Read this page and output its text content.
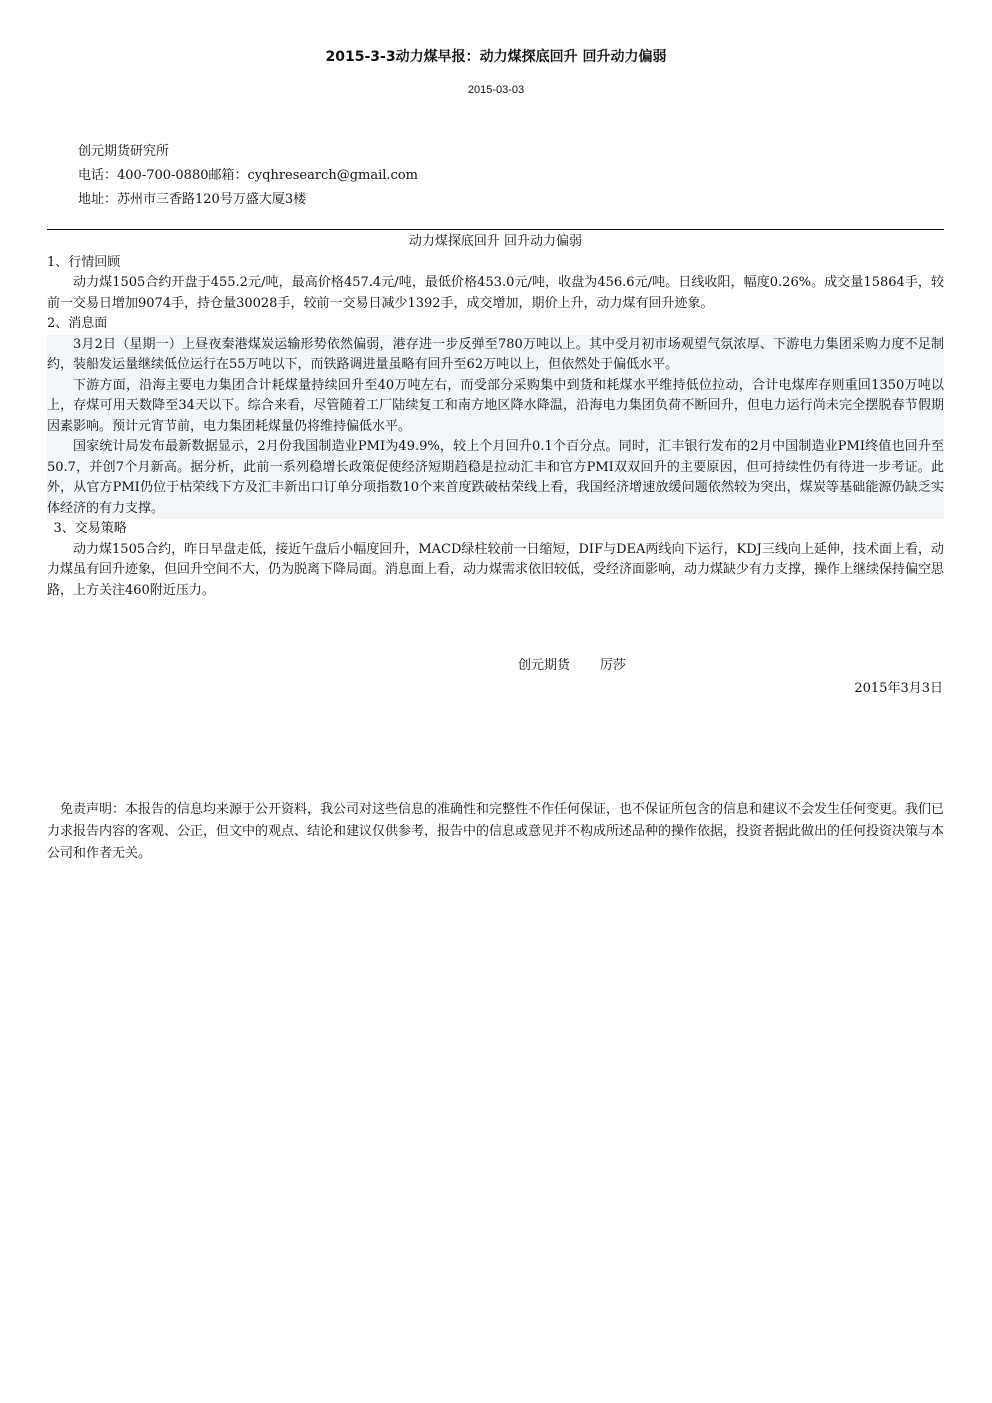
2015-3-3动力煤早报：动力煤探底回升 回升动力偏弱
2015-03-03
创元期货研究所
电话：400-700-0880邮箱：cyqhresearch@gmail.com
地址：苏州市三香路120号万盛大厦3楼
动力煤探底回升 回升动力偏弱
1、行情回顾

动力煤1505合约开盘于455.2元/吨，最高价格457.4元/吨，最低价格453.0元/吨，收盘为456.6元/吨。日线收阳，幅度0.26%。成交量15864手，较前一交易日增加9074手，持仓量30028手，较前一交易日减少1392手，成交增加，期价上升，动力煤有回升迹象。

2、消息面

3月2日（星期一）上昼夜秦港煤炭运输形势依然偏弱，港存进一步反弹至780万吨以上。其中受月初市场观望气氛浓厚、下游电力集团采购力度不足制约，装船发运量继续低位运行在55万吨以下，而铁路调进量虽略有回升至62万吨以上，但依然处于偏低水平。

下游方面，沿海主要电力集团合计耗煤量持续回升至40万吨左右，而受部分采购集中到货和耗煤水平维持低位拉动，合计电煤库存则重回1350万吨以上，存煤可用天数降至34天以下。综合来看，尽管随着工厂陆续复工和南方地区降水降温，沿海电力集团负荷不断回升，但电力运行尚未完全摆脱春节假期因素影响。预计元宵节前，电力集团耗煤量仍将维持偏低水平。

国家统计局发布最新数据显示，2月份我国制造业PMI为49.9%，较上个月回升0.1个百分点。同时，汇丰银行发布的2月中国制造业PMI终值也回升至50.7，并创7个月新高。据分析，此前一系列稳增长政策促使经济短期趋稳是拉动汇丰和官方PMI双双回升的主要原因，但可持续性仍有待进一步考证。此外，从官方PMI仍位于枯荣线下方及汇丰新出口订单分项指数10个来首度跌破枯荣线上看，我国经济增速放缓问题依然较为突出，煤炭等基础能源仍缺乏实体经济的有力支撑。

3、交易策略

动力煤1505合约，昨日早盘走低，接近午盘后小幅度回升，MACD绿柱较前一日缩短，DIF与DEA两线向下运行，KDJ三线向上延伸，技术面上看，动力煤虽有回升迹象，但回升空间不大，仍为脱离下降局面。消息面上看，动力煤需求依旧较低，受经济面影响，动力煤缺少有力支撑，操作上继续保持偏空思路，上方关注460附近压力。

创元期货 厉莎
2015年3月3日
免责声明：本报告的信息均来源于公开资料，我公司对这些信息的准确性和完整性不作任何保证，也不保证所包含的信息和建议不会发生任何变更。我们已力求报告内容的客观、公正，但文中的观点、结论和建议仅供参考，报告中的信息或意见并不构成所述品种的操作依据，投资者据此做出的任何投资决策与本公司和作者无关。
